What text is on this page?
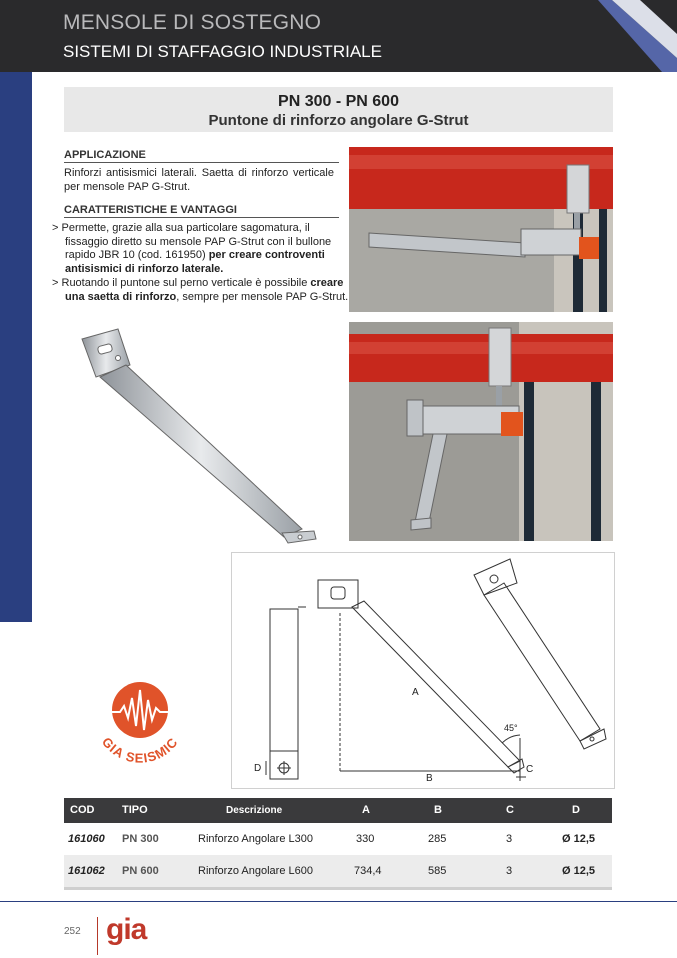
MENSOLE DI SOSTEGNO
SISTEMI DI STAFFAGGIO INDUSTRIALE
PN 300 - PN 600
Puntone di rinforzo angolare G-Strut
APPLICAZIONE
Rinforzi antisismici laterali. Saetta di rinforzo verticale per mensole PAP G-Strut.
CARATTERISTICHE E VANTAGGI
> Permette, grazie alla sua particolare sagomatura, il fissaggio diretto su mensole PAP G-Strut con il bullone rapido JBR 10 (cod. 161950) per creare controventi antisismici di rinforzo laterale.
> Ruotando il puntone sul perno verticale è possibile creare una saetta di rinforzo, sempre per mensole PAP G-Strut.
A
B
C
D
45°
GIA SEISMIC
COD	TIPO	Descrizione	A	B	C	D
161060 PN 300	Rinforzo Angolare L300	330	285	3	Ø 12,5
161062 PN 600	Rinforzo Angolare L600	734,4	585	3	Ø 12,5
252 gia
